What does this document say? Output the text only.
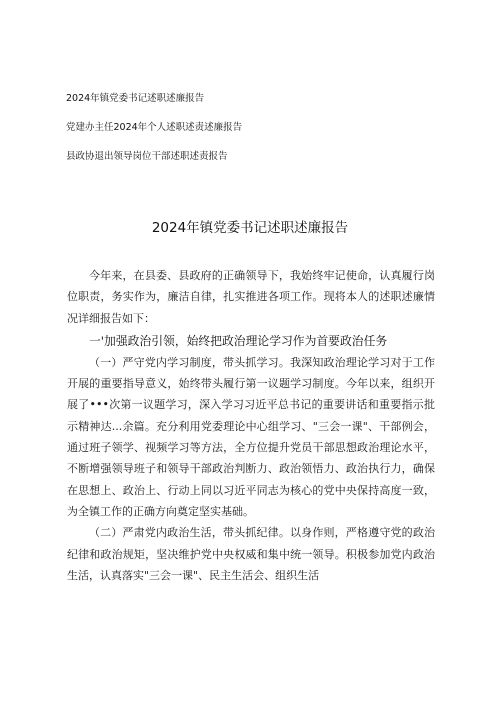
2024年镇党委书记述职述廉报告
党建办主任2024年个人述职述责述廉报告
县政协退出领导岗位干部述职述责报告
2024年镇党委书记述职述廉报告

今年来，在县委、县政府的正确领导下，我始终牢记使命，认真履行岗位职责，务实作为，廉洁自律，扎实推进各项工作。现将本人的述职述廉情况详细报告如下：

一'加强政治引领，始终把政治理论学习作为首要政治任务

（一）严守党内学习制度，带头抓学习。我深知政治理论学习对于工作开展的重要指导意义，始终带头履行第一议题学习制度。今年以来，组织开展了•••次第一议题学习，深入学习习近平总书记的重要讲话和重要指示批示精神达...余篇。充分利用党委理论中心组学习、"三会一课"、干部例会，通过班子领学、视频学习等方法，全方位提升党员干部思想政治理论水平，不断增强领导班子和领导干部政治判断力、政治领悟力、政治执行力，确保在思想上、政治上、行动上同以习近平同志为核心的党中央保持高度一致，为全镇工作的正确方向奠定坚实基础。

（二）严肃党内政治生活，带头抓纪律。以身作则，严格遵守党的政治纪律和政治规矩，坚决维护党中央权威和集中统一领导。积极参加党内政治生活，认真落实"三会一课"、民主生活会、组织生活
